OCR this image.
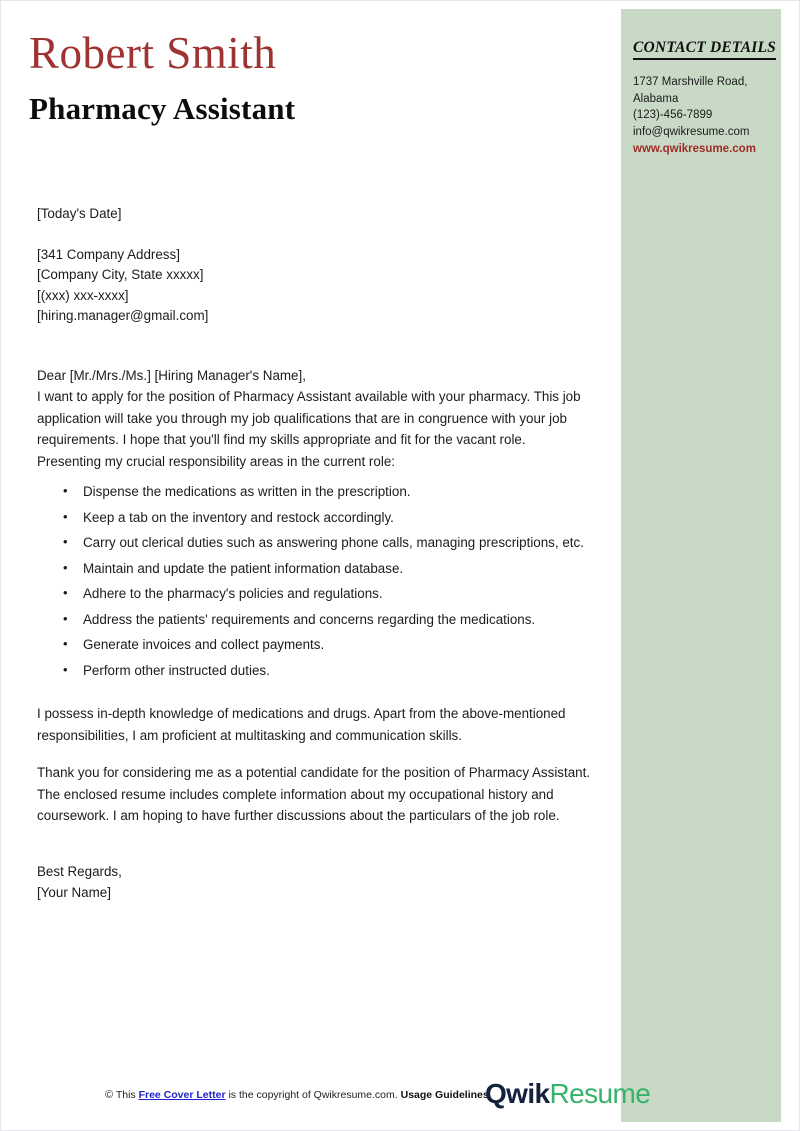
CONTACT DETAILS
1737 Marshville Road,
Alabama
(123)-456-7899
info@qwikresume.com
www.qwikresume.com
Robert Smith
Pharmacy Assistant
[Today's Date]
[341 Company Address]
[Company City, State xxxxx]
[(xxx) xxx-xxxx]
[hiring.manager@gmail.com]

Dear [Mr./Mrs./Ms.] [Hiring Manager's Name],

I want to apply for the position of Pharmacy Assistant available with your pharmacy. This job application will take you through my job qualifications that are in congruence with your job requirements. I hope that you'll find my skills appropriate and fit for the vacant role.

Presenting my crucial responsibility areas in the current role:

• Dispense the medications as written in the prescription.
• Keep a tab on the inventory and restock accordingly.
• Carry out clerical duties such as answering phone calls, managing prescriptions, etc.
• Maintain and update the patient information database.
• Adhere to the pharmacy's policies and regulations.
• Address the patients' requirements and concerns regarding the medications.
• Generate invoices and collect payments.
• Perform other instructed duties.

I possess in-depth knowledge of medications and drugs. Apart from the above-mentioned responsibilities, I am proficient at multitasking and communication skills.

Thank you for considering me as a potential candidate for the position of Pharmacy Assistant. The enclosed resume includes complete information about my occupational history and coursework. I am hoping to have further discussions about the particulars of the job role.

Best Regards,
[Your Name]
© This Free Cover Letter is the copyright of Qwikresume.com. Usage Guidelines
QwikResume
